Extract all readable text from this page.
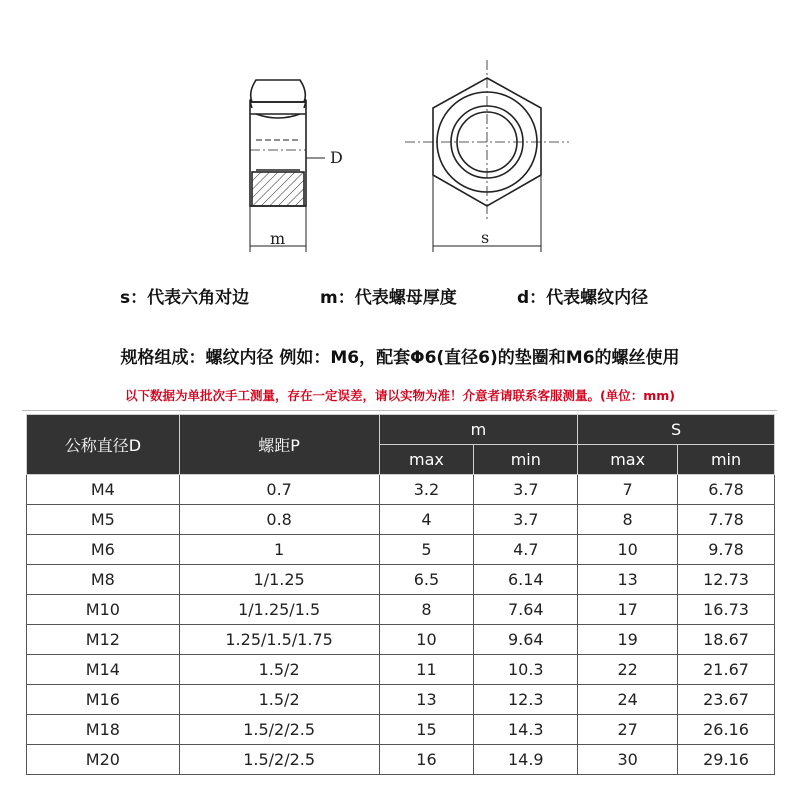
D
m	s
s：代表六角对边	m：代表螺母厚度	d：代表螺纹内径
规格组成：螺纹内径 例如：M6，配套Φ6(直径6)的垫圈和M6的螺丝使用
以下数据为单批次手工测量，存在一定误差，请以实物为准！介意者请联系客服测量。(单位：mm)
公称直径D	螺距P	m		S	
		max	min	max	min
M4	0.7	3.2	3.7	7	6.78
M5	0.8	4	3.7	8	7.78
M6	1	5	4.7	10	9.78
M8	1/1.25	6.5	6.14	13	12.73
M10	1/1.25/1.5	8	7.64	17	16.73
M12	1.25/1.5/1.75	10	9.64	19	18.67
M14	1.5/2	11	10.3	22	21.67
M16	1.5/2	13	12.3	24	23.67
M18	1.5/2/2.5	15	14.3	27	26.16
M20	1.5/2/2.5	16	14.9	30	29.16
